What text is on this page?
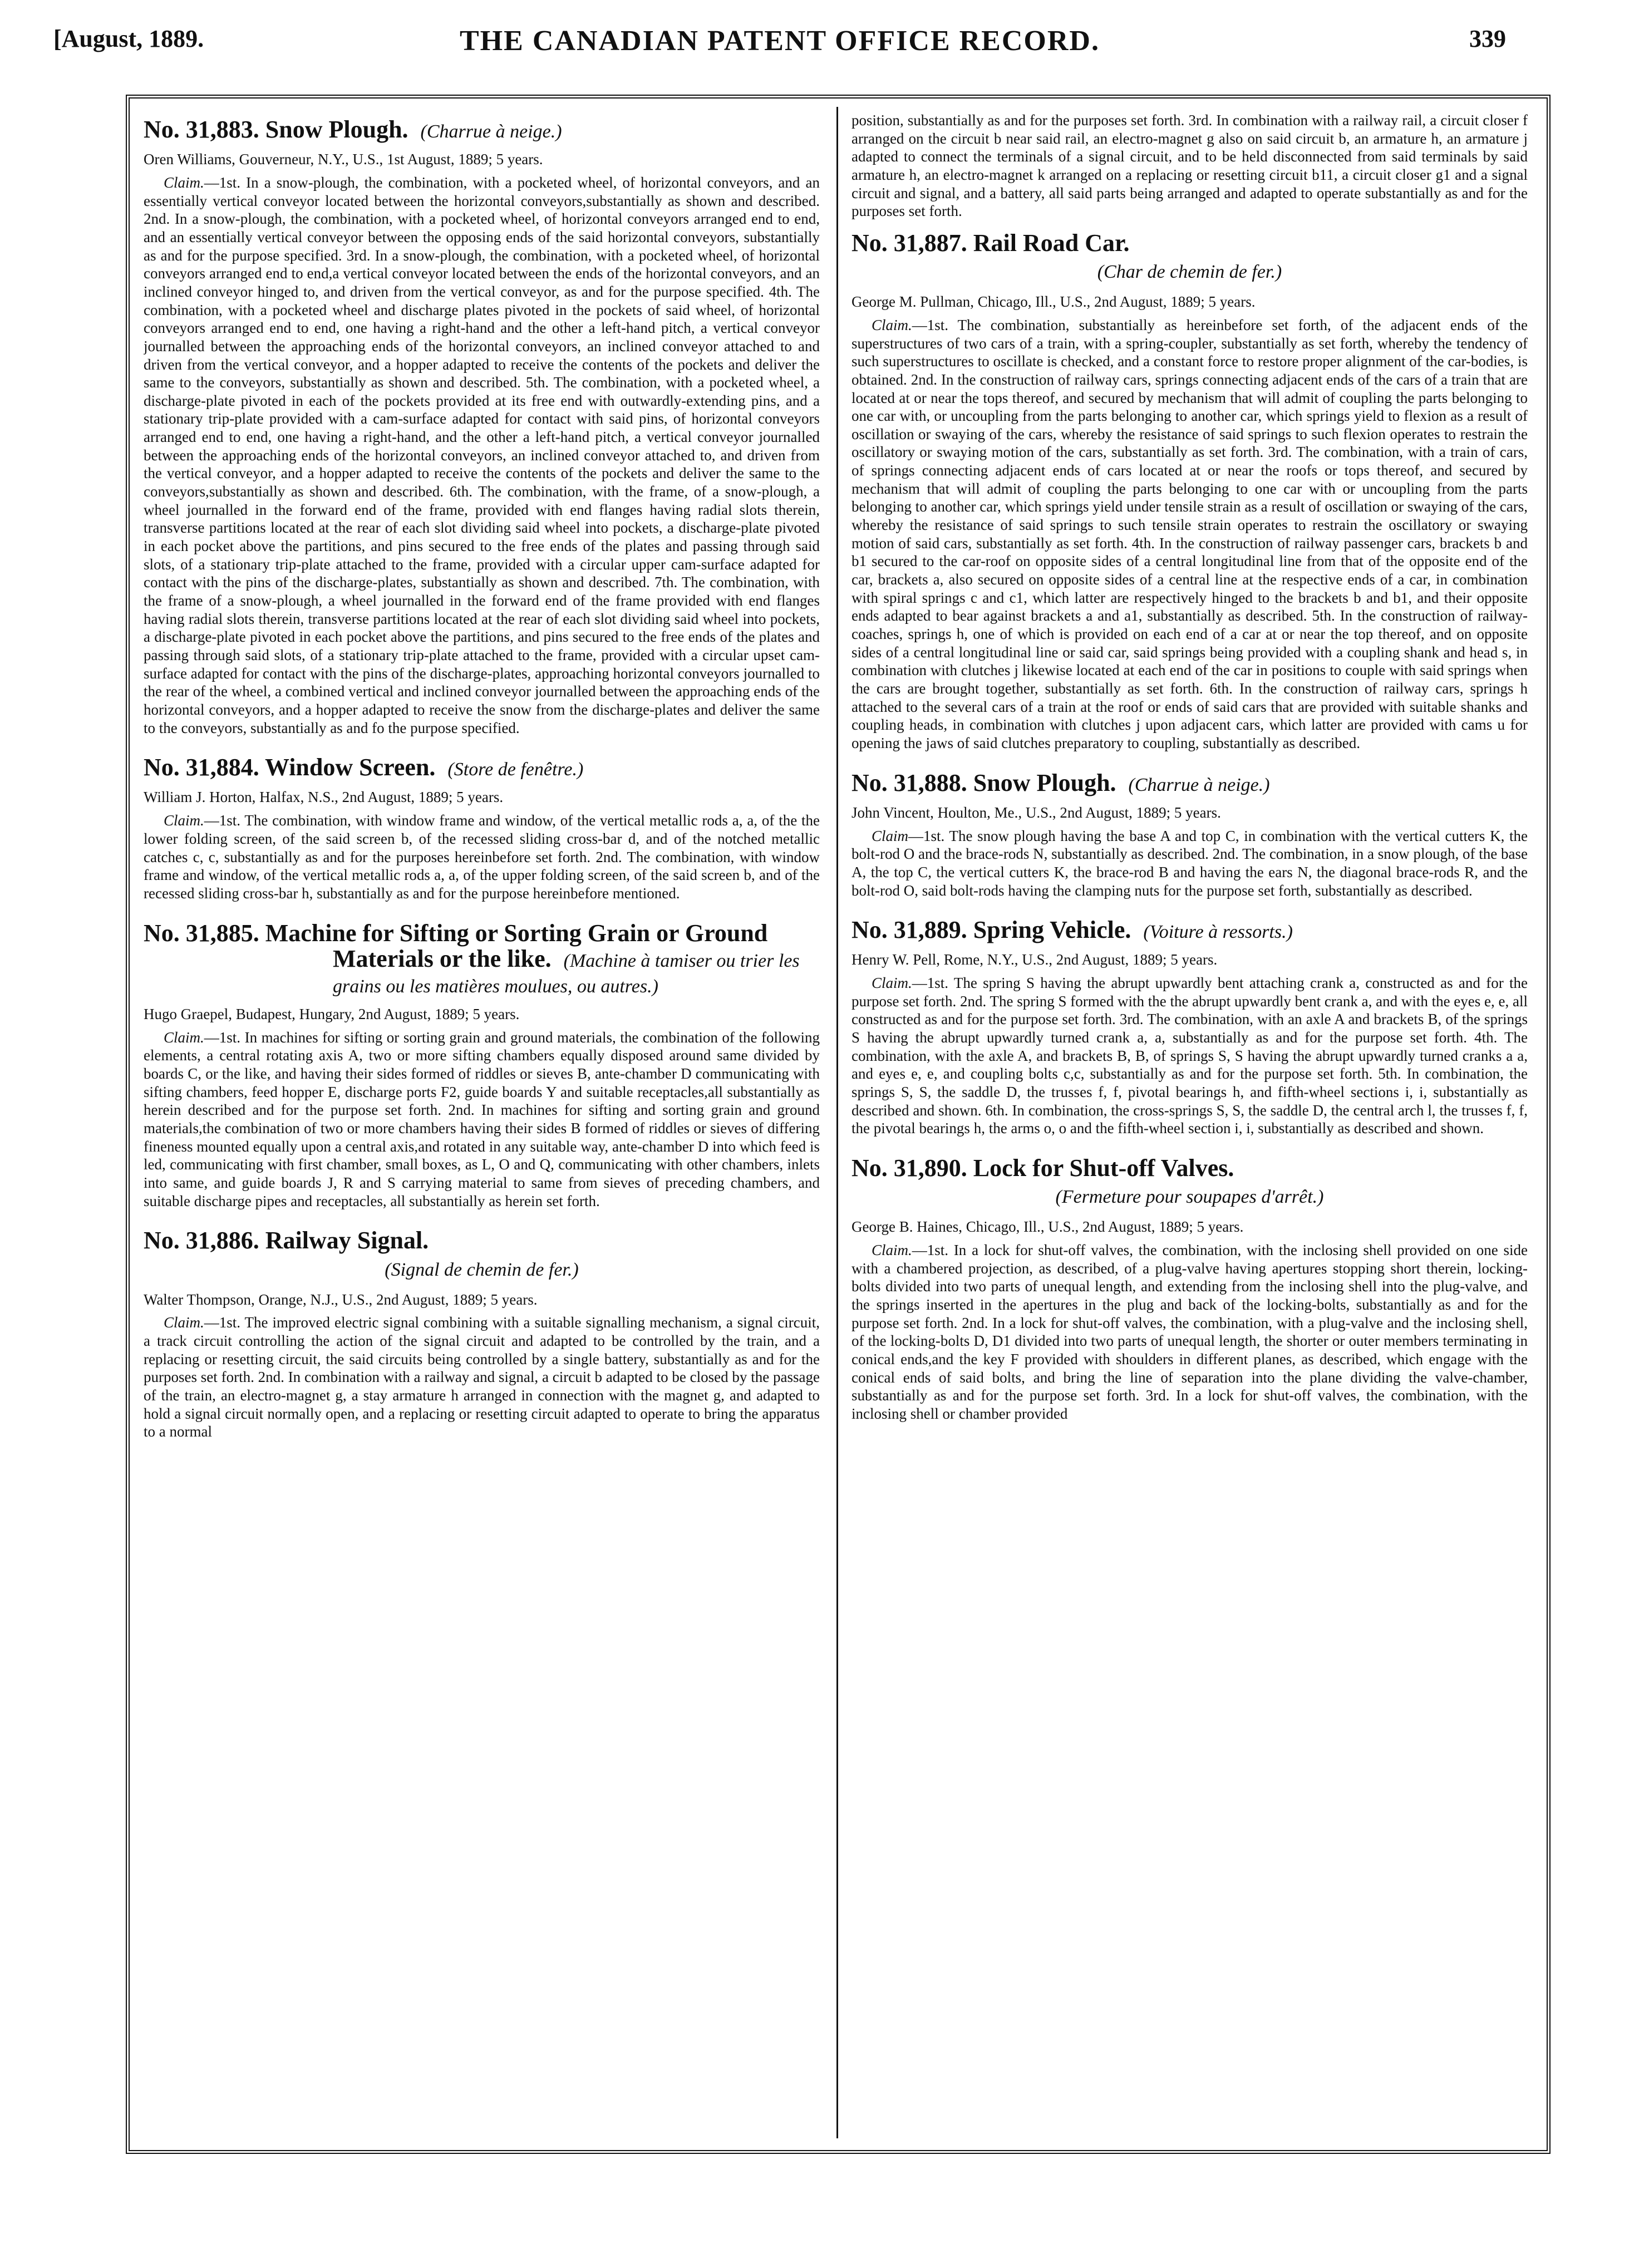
[August, 1889.	THE CANADIAN PATENT OFFICE RECORD.	339
No. 31,883. Snow Plough. (Charrue à neige.)
Oren Williams, Gouverneur, N.Y., U.S., 1st August, 1889; 5 years.

Claim.—1st. In a snow-plough, the combination, with a pocketed wheel, of horizontal conveyors, and an essentially vertical conveyor located between the horizontal conveyors,substantially as shown and described. 2nd. In a snow-plough, the combination, with a pocketed wheel, of horizontal conveyors arranged end to end, and an essentially vertical conveyor between the opposing ends of the said horizontal conveyors, substantially as and for the purpose specified. 3rd. In a snow-plough, the combination, with a pocketed wheel, of horizontal conveyors arranged end to end,a vertical conveyor located between the ends of the horizontal conveyors, and an inclined conveyor hinged to, and driven from the vertical conveyor, as and for the purpose specified. 4th. The combination, with a pocketed wheel and discharge plates pivoted in the pockets of said wheel, of horizontal conveyors arranged end to end, one having a right-hand and the other a left-hand pitch, a vertical conveyor journalled between the approaching ends of the horizontal conveyors, an inclined conveyor attached to and driven from the vertical conveyor, and a hopper adapted to receive the contents of the pockets and deliver the same to the conveyors, substantially as shown and described. 5th. The combination, with a pocketed wheel, a discharge-plate pivoted in each of the pockets provided at its free end with outwardly-extending pins, and a stationary trip-plate provided with a cam-surface adapted for contact with said pins, of horizontal conveyors arranged end to end, one having a right-hand, and the other a left-hand pitch, a vertical conveyor journalled between the approaching ends of the horizontal conveyors, an inclined conveyor attached to, and driven from the vertical conveyor, and a hopper adapted to receive the contents of the pockets and deliver the same to the conveyors,substantially as shown and described. 6th. The combination, with the frame, of a snow-plough, a wheel journalled in the forward end of the frame, provided with end flanges having radial slots therein, transverse partitions located at the rear of each slot dividing said wheel into pockets, a discharge-plate pivoted in each pocket above the partitions, and pins secured to the free ends of the plates and passing through said slots, of a stationary trip-plate attached to the frame, provided with a circular upper cam-surface adapted for contact with the pins of the discharge-plates, substantially as shown and described. 7th. The combination, with the frame of a snow-plough, a wheel journalled in the forward end of the frame provided with end flanges having radial slots therein, transverse partitions located at the rear of each slot dividing said wheel into pockets, a discharge-plate pivoted in each pocket above the partitions, and pins secured to the free ends of the plates and passing through said slots, of a stationary trip-plate attached to the frame, provided with a circular upset cam-surface adapted for contact with the pins of the discharge-plates, approaching horizontal conveyors journalled to the rear of the wheel, a combined vertical and inclined conveyor journalled between the approaching ends of the horizontal conveyors, and a hopper adapted to receive the snow from the discharge-plates and deliver the same to the conveyors, substantially as and fo the purpose specified.

No. 31,884. Window Screen. (Store de fenêtre.)
William J. Horton, Halfax, N.S., 2nd August, 1889; 5 years.

Claim.—1st. The combination, with window frame and window, of the vertical metallic rods a, a, of the the lower folding screen, of the said screen b, of the recessed sliding cross-bar d, and of the notched metallic catches c, c, substantially as and for the purposes hereinbefore set forth. 2nd. The combination, with window frame and window, of the vertical metallic rods a, a, of the upper folding screen, of the said screen b, and of the recessed sliding cross-bar h, substantially as and for the purpose hereinbefore mentioned.

No. 31,885. Machine for Sifting or Sorting Grain or Ground Materials or the like. (Machine à tamiser ou trier les grains ou les matières moulues, ou autres.)
Hugo Graepel, Budapest, Hungary, 2nd August, 1889; 5 years.

Claim.—1st. In machines for sifting or sorting grain and ground materials, the combination of the following elements, a central rotating axis A, two or more sifting chambers equally disposed around same divided by boards C, or the like, and having their sides formed of riddles or sieves B, ante-chamber D communicating with sifting chambers, feed hopper E, discharge ports F2, guide boards Y and suitable receptacles,all substantially as herein described and for the purpose set forth. 2nd. In machines for sifting and sorting grain and ground materials,the combination of two or more chambers having their sides B formed of riddles or sieves of differing fineness mounted equally upon a central axis,and rotated in any suitable way, ante-chamber D into which feed is led, communicating with first chamber, small boxes, as L, O and Q, communicating with other chambers, inlets into same, and guide boards J, R and S carrying material to same from sieves of preceding chambers, and suitable discharge pipes and receptacles, all substantially as herein set forth.

No. 31,886. Railway Signal.
(Signal de chemin de fer.)
Walter Thompson, Orange, N.J., U.S., 2nd August, 1889; 5 years.

Claim.—1st. The improved electric signal combining with a suitable signalling mechanism, a signal circuit, a track circuit controlling the action of the signal circuit and adapted to be controlled by the train, and a replacing or resetting circuit, the said circuits being controlled by a single battery, substantially as and for the purposes set forth. 2nd. In combination with a railway and signal, a circuit b adapted to be closed by the passage of the train, an electro-magnet g, a stay armature h arranged in connection with the magnet g, and adapted to hold a signal circuit normally open, and a replacing or resetting circuit adapted to operate to bring the apparatus to a normal

position, substantially as and for the purposes set forth. 3rd. In combination with a railway rail, a circuit closer f arranged on the circuit b near said rail, an electro-magnet g also on said circuit b, an armature h, an armature j adapted to connect the terminals of a signal circuit, and to be held disconnected from said terminals by said armature h, an electro-magnet k arranged on a replacing or resetting circuit b11, a circuit closer g1 and a signal circuit and signal, and a battery, all said parts being arranged and adapted to operate substantially as and for the purposes set forth.

No. 31,887. Rail Road Car.
(Char de chemin de fer.)
George M. Pullman, Chicago, Ill., U.S., 2nd August, 1889; 5 years.

Claim.—1st. The combination, substantially as hereinbefore set forth, of the adjacent ends of the superstructures of two cars of a train, with a spring-coupler, substantially as set forth, whereby the tendency of such superstructures to oscillate is checked, and a constant force to restore proper alignment of the car-bodies, is obtained. 2nd. In the construction of railway cars, springs connecting adjacent ends of the cars of a train that are located at or near the tops thereof, and secured by mechanism that will admit of coupling the parts belonging to one car with, or uncoupling from the parts belonging to another car, which springs yield to flexion as a result of oscillation or swaying of the cars, whereby the resistance of said springs to such flexion operates to restrain the oscillatory or swaying motion of the cars, substantially as set forth. 3rd. The combination, with a train of cars, of springs connecting adjacent ends of cars located at or near the roofs or tops thereof, and secured by mechanism that will admit of coupling the parts belonging to one car with or uncoupling from the parts belonging to another car, which springs yield under tensile strain as a result of oscillation or swaying of the cars, whereby the resistance of said springs to such tensile strain operates to restrain the oscillatory or swaying motion of said cars, substantially as set forth. 4th. In the construction of railway passenger cars, brackets b and b1 secured to the car-roof on opposite sides of a central longitudinal line from that of the opposite end of the car, brackets a, also secured on opposite sides of a central line at the respective ends of a car, in combination with spiral springs c and c1, which latter are respectively hinged to the brackets b and b1, and their opposite ends adapted to bear against brackets a and a1, substantially as described. 5th. In the construction of railway-coaches, springs h, one of which is provided on each end of a car at or near the top thereof, and on opposite sides of a central longitudinal line or said car, said springs being provided with a coupling shank and head s, in combination with clutches j likewise located at each end of the car in positions to couple with said springs when the cars are brought together, substantially as set forth. 6th. In the construction of railway cars, springs h attached to the several cars of a train at the roof or ends of said cars that are provided with suitable shanks and coupling heads, in combination with clutches j upon adjacent cars, which latter are provided with cams u for opening the jaws of said clutches preparatory to coupling, substantially as described.

No. 31,888. Snow Plough. (Charrue à neige.)
John Vincent, Houlton, Me., U.S., 2nd August, 1889; 5 years.

Claim—1st. The snow plough having the base A and top C, in combination with the vertical cutters K, the bolt-rod O and the brace-rods N, substantially as described. 2nd. The combination, in a snow plough, of the base A, the top C, the vertical cutters K, the brace-rod B and having the ears N, the diagonal brace-rods R, and the bolt-rod O, said bolt-rods having the clamping nuts for the purpose set forth, substantially as described.

No. 31,889. Spring Vehicle. (Voiture à ressorts.)
Henry W. Pell, Rome, N.Y., U.S., 2nd August, 1889; 5 years.

Claim.—1st. The spring S having the abrupt upwardly bent attaching crank a, constructed as and for the purpose set forth. 2nd. The spring S formed with the the abrupt upwardly bent crank a, and with the eyes e, e, all constructed as and for the purpose set forth. 3rd. The combination, with an axle A and brackets B, of the springs S having the abrupt upwardly turned crank a, a, substantially as and for the purpose set forth. 4th. The combination, with the axle A, and brackets B, B, of springs S, S having the abrupt upwardly turned cranks a a, and eyes e, e, and coupling bolts c,c, substantially as and for the purpose set forth. 5th. In combination, the springs S, S, the saddle D, the trusses f, f, pivotal bearings h, and fifth-wheel sections i, i, substantially as described and shown. 6th. In combination, the cross-springs S, S, the saddle D, the central arch l, the trusses f, f, the pivotal bearings h, the arms o, o and the fifth-wheel section i, i, substantially as described and shown.

No. 31,890. Lock for Shut-off Valves.
(Fermeture pour soupapes d'arrêt.)
George B. Haines, Chicago, Ill., U.S., 2nd August, 1889; 5 years.

Claim.—1st. In a lock for shut-off valves, the combination, with the inclosing shell provided on one side with a chambered projection, as described, of a plug-valve having apertures stopping short therein, locking-bolts divided into two parts of unequal length, and extending from the inclosing shell into the plug-valve, and the springs inserted in the apertures in the plug and back of the locking-bolts, substantially as and for the purpose set forth. 2nd. In a lock for shut-off valves, the combination, with a plug-valve and the inclosing shell, of the locking-bolts D, D1 divided into two parts of unequal length, the shorter or outer members terminating in conical ends,and the key F provided with shoulders in different planes, as described, which engage with the conical ends of said bolts, and bring the line of separation into the plane dividing the valve-chamber, substantially as and for the purpose set forth. 3rd. In a lock for shut-off valves, the combination, with the inclosing shell or chamber provided
